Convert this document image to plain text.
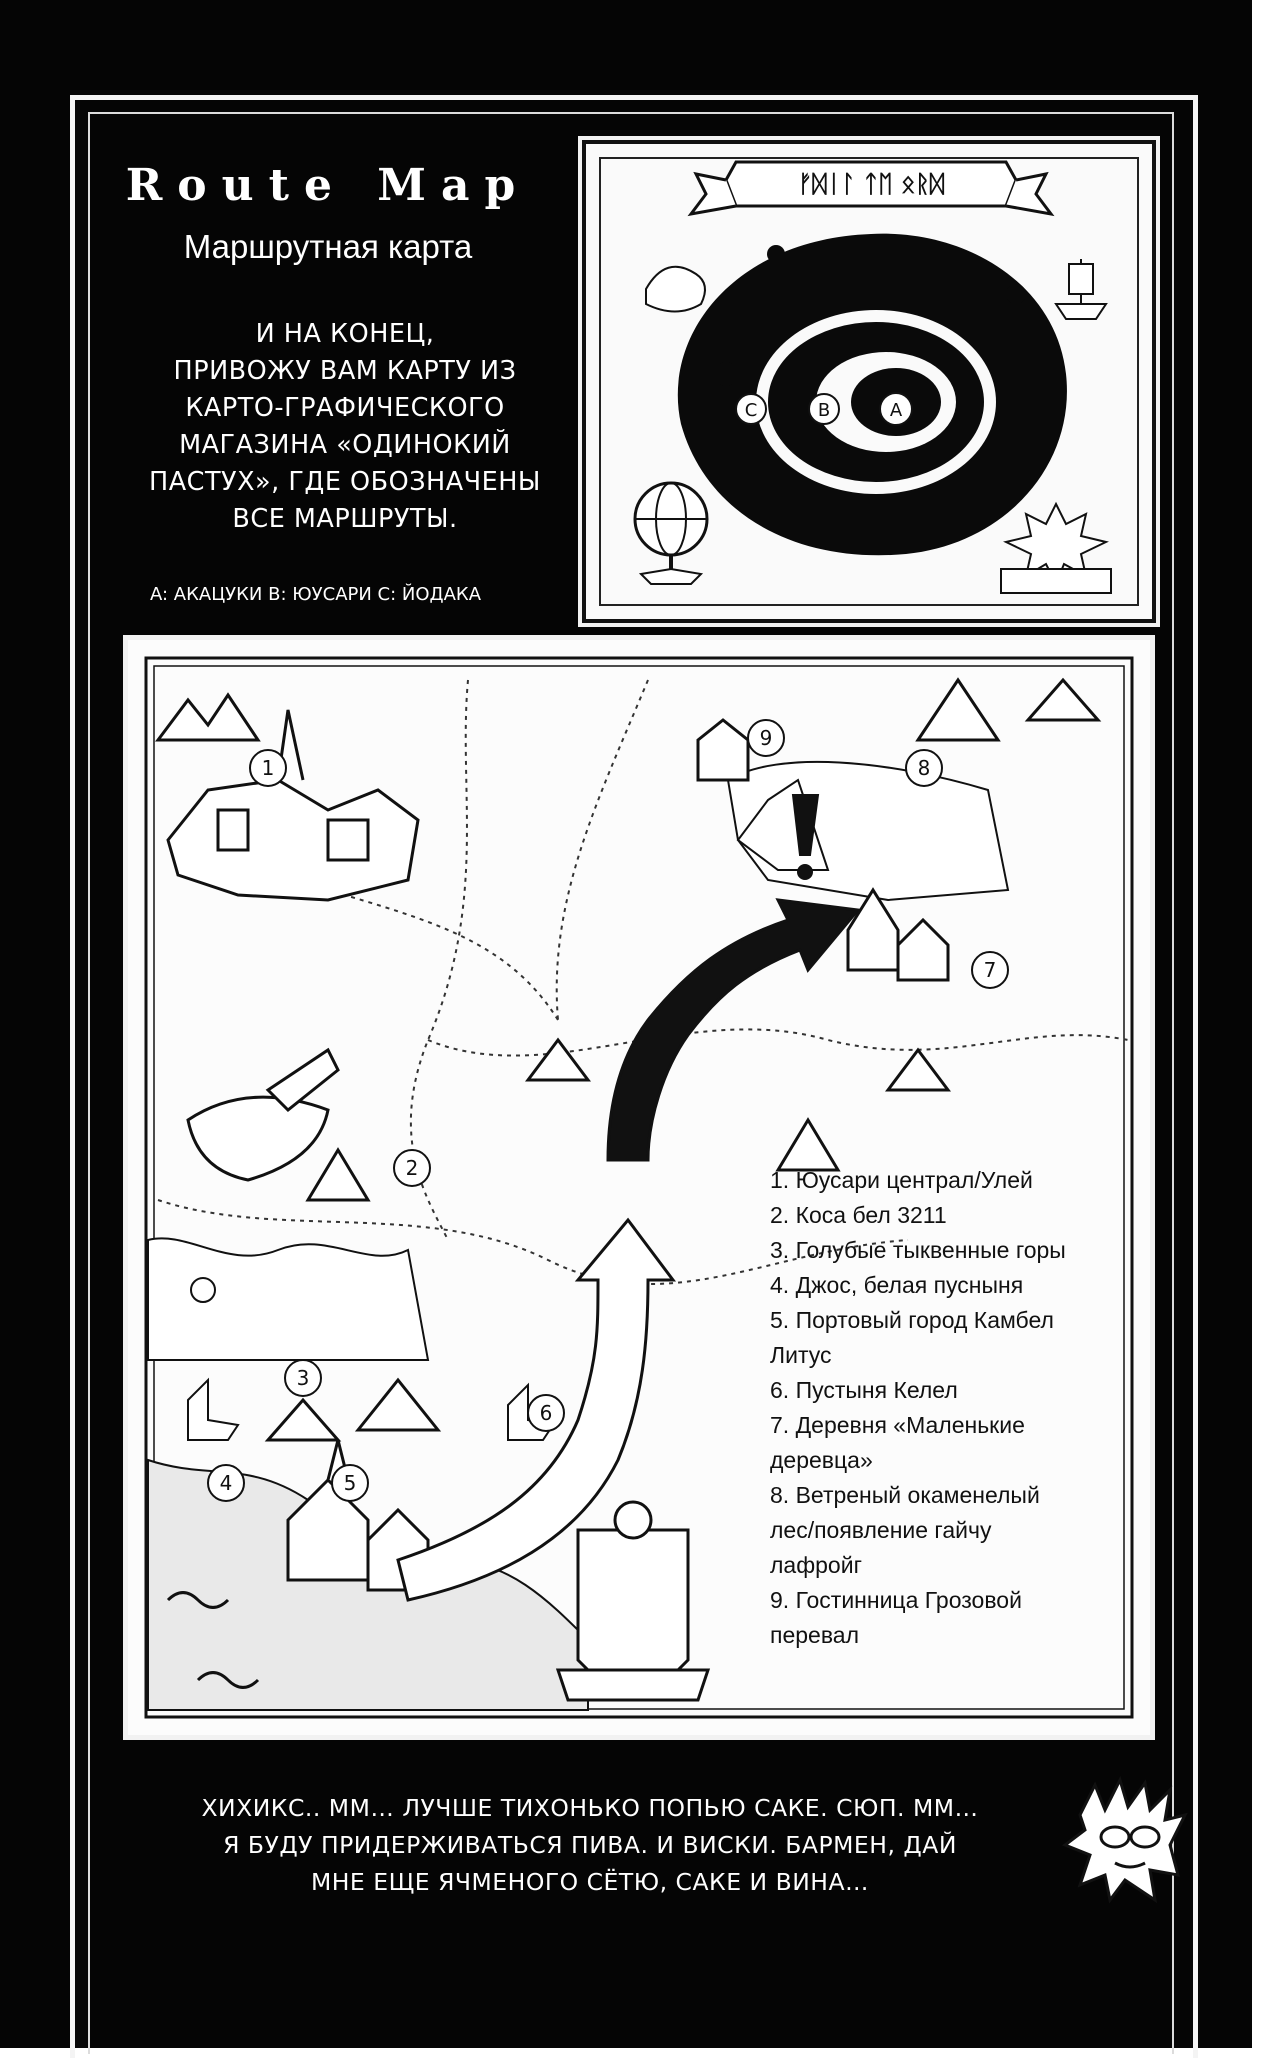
Route Map
Маршрутная карта
И НА КОНЕЦ,
ПРИВОЖУ ВАМ КАРТУ ИЗ
КАРТО-ГРАФИЧЕСКОГО
МАГАЗИНА «ОДИНОКИЙ
ПАСТУХ», ГДЕ ОБОЗНАЧЕНЫ
ВСЕ МАРШРУТЫ.
A: АКАЦУКИ B: ЮУСАРИ C: ЙОДАКА
ᚠᛞᛁᛚ ᛏᛖ ᛟᚱᛞ
C	B	A
1
2
3
4	5
6
7
8
9
1. Юусари централ/Улей
2. Коса бел 3211
3. Голубые тыквенные горы
4. Джос, белая пусныня
5. Портовый город Камбел
Литус
6. Пустыня Келел
7. Деревня «Маленькие
деревца»
8. Ветреный окаменелый
лес/появление гайчу
лафройг
9. Гостинница Грозовой
перевал
ХИХИКС.. ММ… ЛУЧШЕ ТИХОНЬКО ПОПЬЮ САКЕ. СЮП. ММ…
Я БУДУ ПРИДЕРЖИВАТЬСЯ ПИВА. И ВИСКИ. БАРМЕН, ДАЙ
МНЕ ЕЩЕ ЯЧМЕНОГО СЁТЮ, САКЕ И ВИНА…
